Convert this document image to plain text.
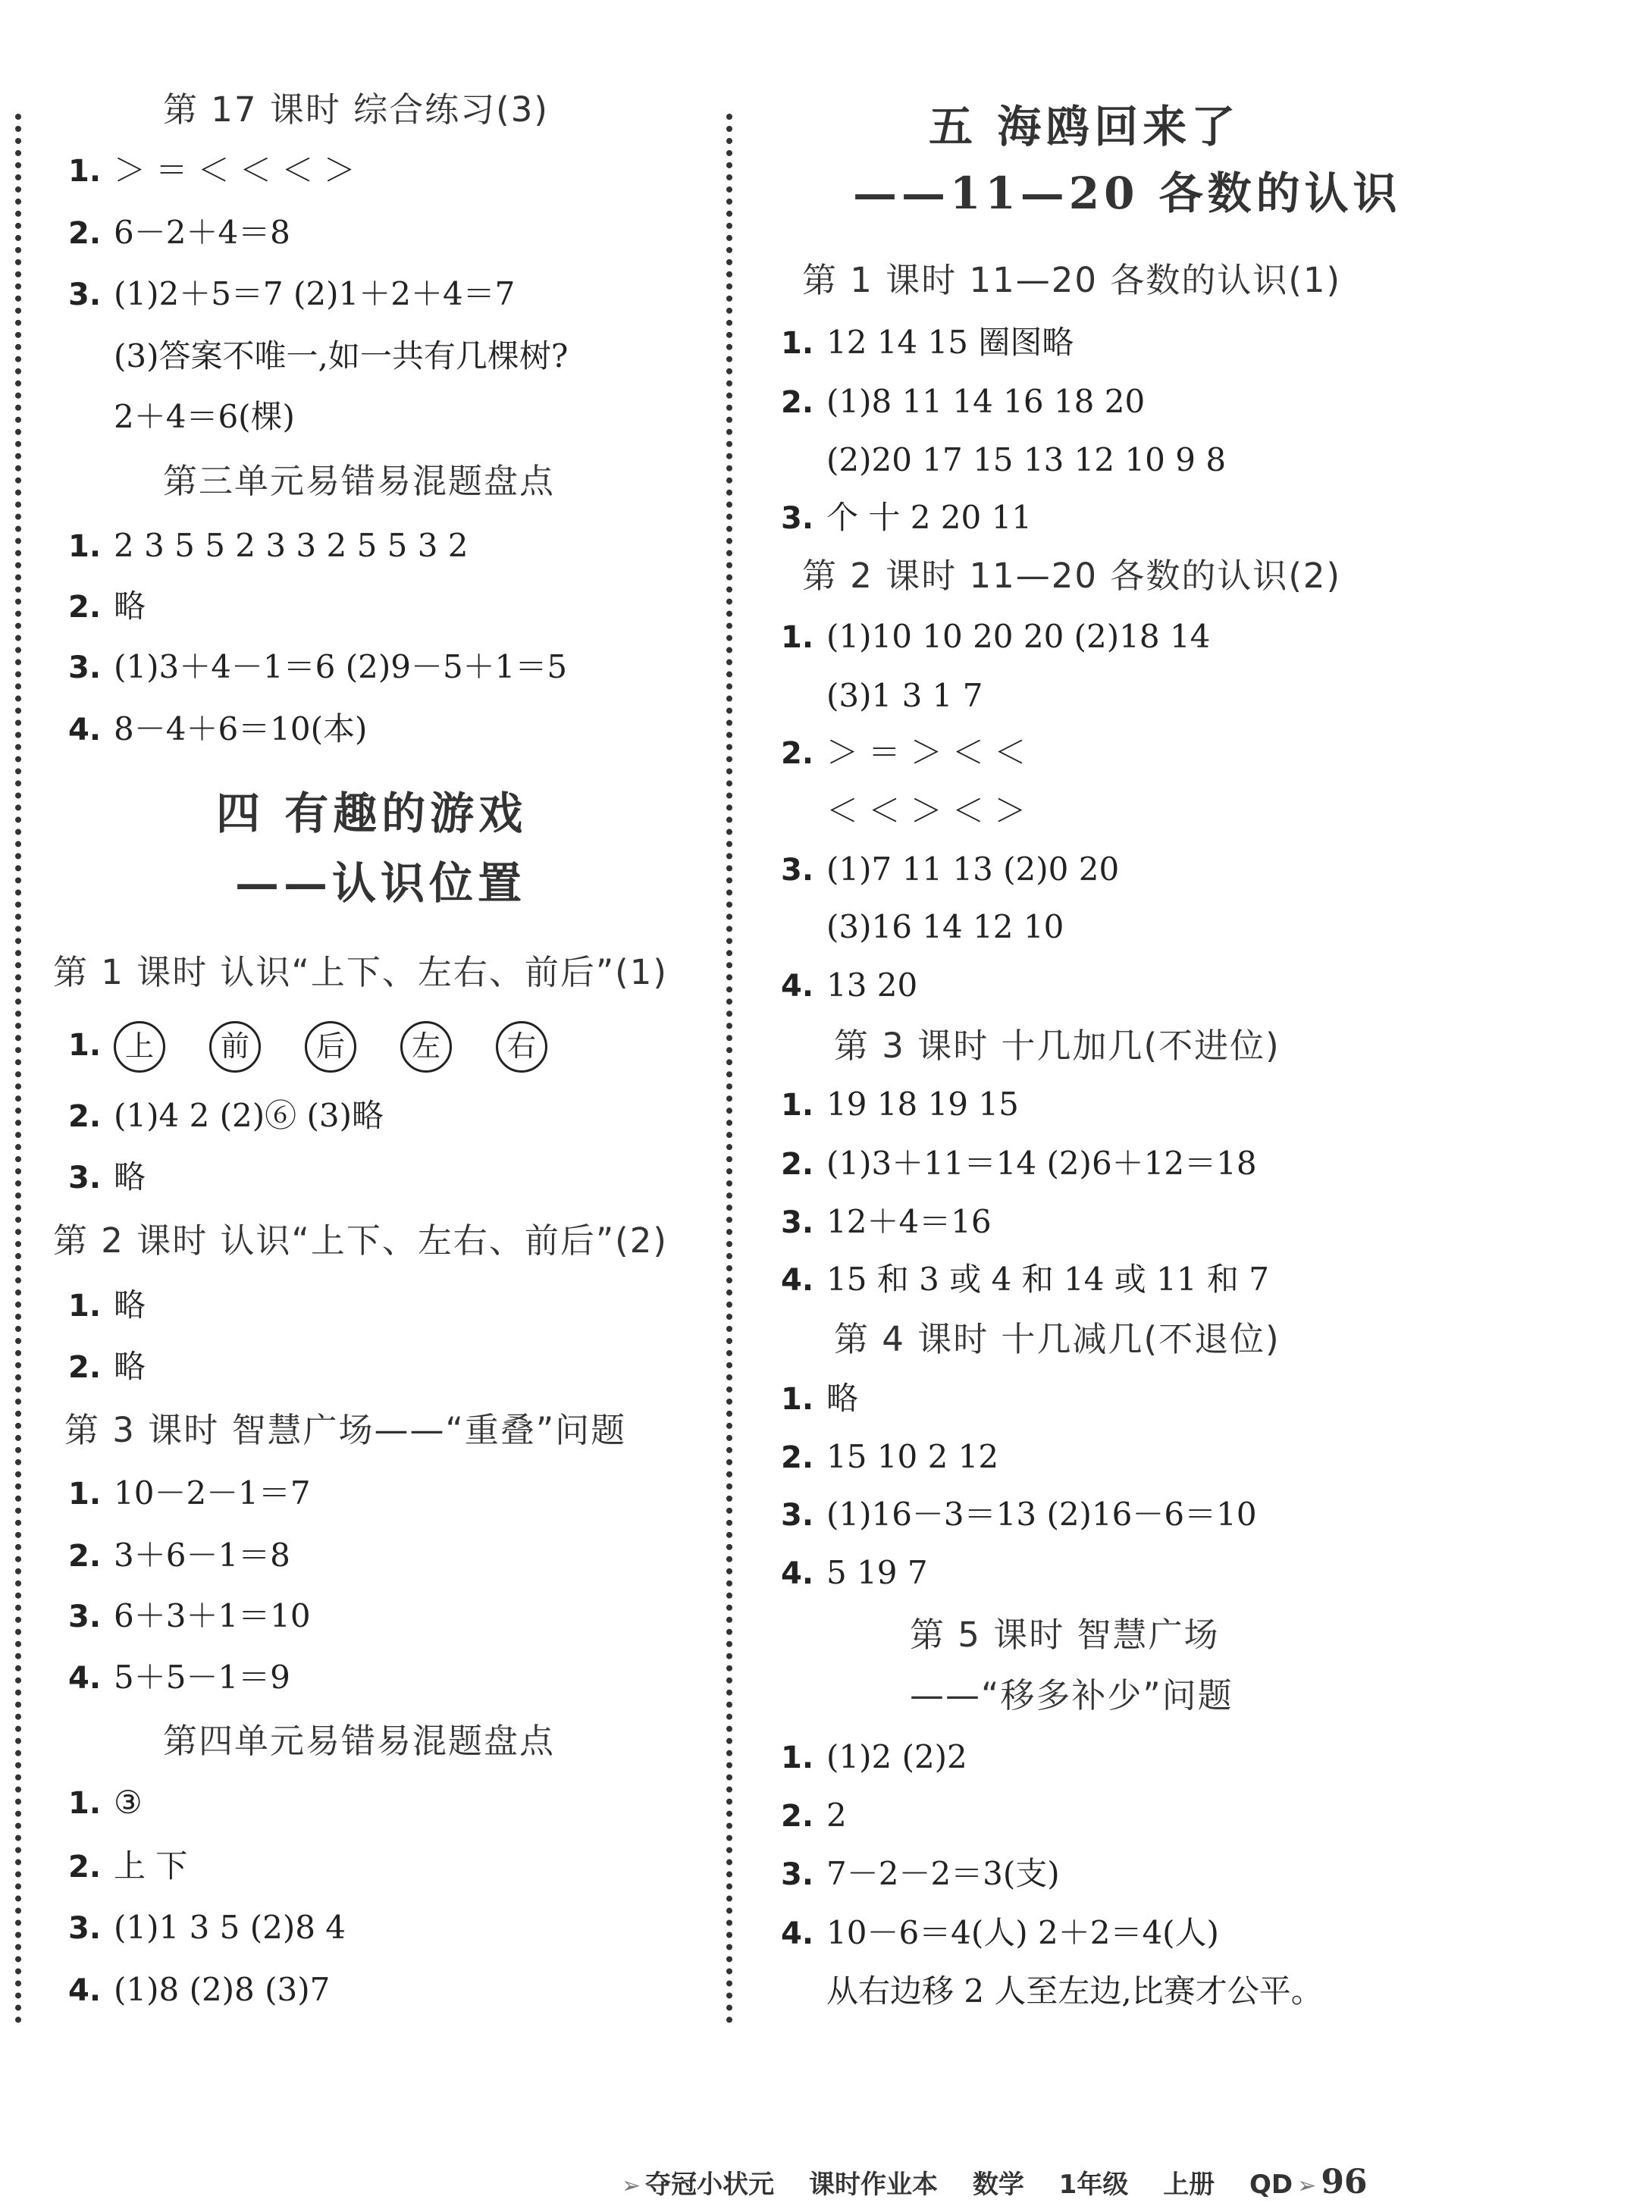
第 17 课时 综合练习(3)
1. ＞ ＝ ＜ ＜ ＜ ＞
2. 6－2＋4＝8
3. (1)2＋5＝7 (2)1＋2＋4＝7
(3)答案不唯一,如一共有几棵树?
2＋4＝6(棵)
第三单元易错易混题盘点
1. 2 3 5 5 2 3 3 2 5 5 3 2
2. 略
3. (1)3＋4－1＝6 (2)9－5＋1＝5
4. 8－4＋6＝10(本)
四 有趣的游戏
——认识位置
第 1 课时 认识“上下、左右、前后”(1)
1. 上 前 后 左 右
2. (1)4 2 (2)⑥ (3)略
3. 略
第 2 课时 认识“上下、左右、前后”(2)
1. 略
2. 略
第 3 课时 智慧广场——“重叠”问题
1. 10－2－1＝7
2. 3＋6－1＝8
3. 6＋3＋1＝10
4. 5＋5－1＝9
第四单元易错易混题盘点
1. ③
2. 上 下
3. (1)1 3 5 (2)8 4
4. (1)8 (2)8 (3)7
五 海鸥回来了
——11—20 各数的认识
第 1 课时 11—20 各数的认识(1)
1. 12 14 15 圈图略
2. (1)8 11 14 16 18 20
(2)20 17 15 13 12 10 9 8
3. 个 十 2 20 11
第 2 课时 11—20 各数的认识(2)
1. (1)10 10 20 20 (2)18 14
(3)1 3 1 7
2. ＞ ＝ ＞ ＜ ＜
＜ ＜ ＞ ＜ ＞
3. (1)7 11 13 (2)0 20
(3)16 14 12 10
4. 13 20
第 3 课时 十几加几(不进位)
1. 19 18 19 15
2. (1)3＋11＝14 (2)6＋12＝18
3. 12＋4＝16
4. 15 和 3 或 4 和 14 或 11 和 7
第 4 课时 十几减几(不退位)
1. 略
2. 15 10 2 12
3. (1)16－3＝13 (2)16－6＝10
4. 5 19 7
第 5 课时 智慧广场
——“移多补少”问题
1. (1)2 (2)2
2. 2
3. 7－2－2＝3(支)
4. 10－6＝4(人) 2＋2＝4(人)
从右边移 2 人至左边,比赛才公平。
➢ 夺冠小状元 课时作业本 数学 1年级 上册 QD ➢ 96
